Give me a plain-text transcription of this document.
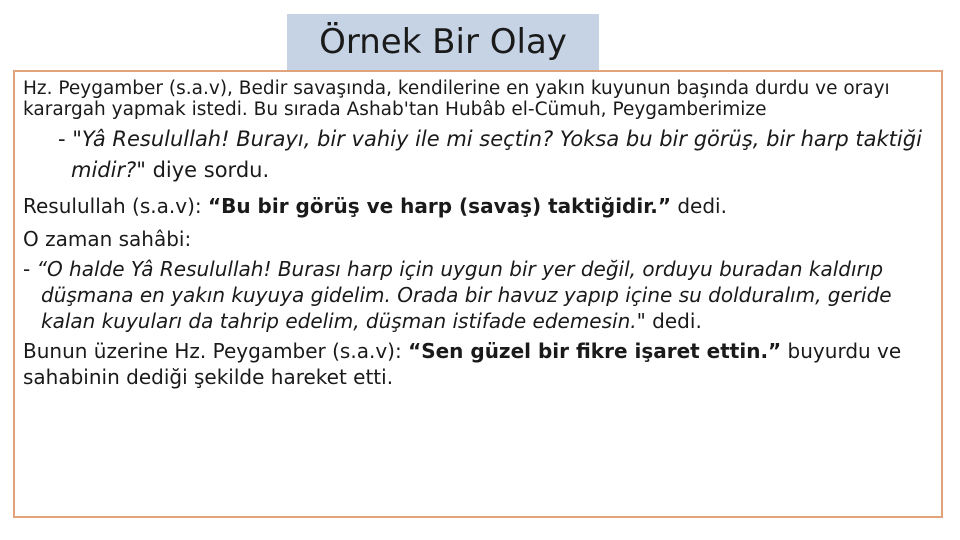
Örnek Bir Olay

Hz. Peygamber (s.a.v), Bedir savaşında, kendilerine en yakın kuyunun başında durdu ve orayı karargah yapmak istedi. Bu sırada Ashab'tan Hubâb el-Cümuh, Peygamberimize

- "Yâ Resulullah! Burayı, bir vahiy ile mi seçtin? Yoksa bu bir görüş, bir harp taktiği midir?" diye sordu.

Resulullah (s.a.v): “Bu bir görüş ve harp (savaş) taktiğidir.” dedi.

O zaman sahâbi:

- “O halde Yâ Resulullah! Burası harp için uygun bir yer değil, orduyu buradan kaldırıp düşmana en yakın kuyuya gidelim. Orada bir havuz yapıp içine su dolduralım, geride kalan kuyuları da tahrip edelim, düşman istifade edemesin." dedi.

Bunun üzerine Hz. Peygamber (s.a.v): “Sen güzel bir fikre işaret ettin.” buyurdu ve sahabinin dediği şekilde hareket etti.
